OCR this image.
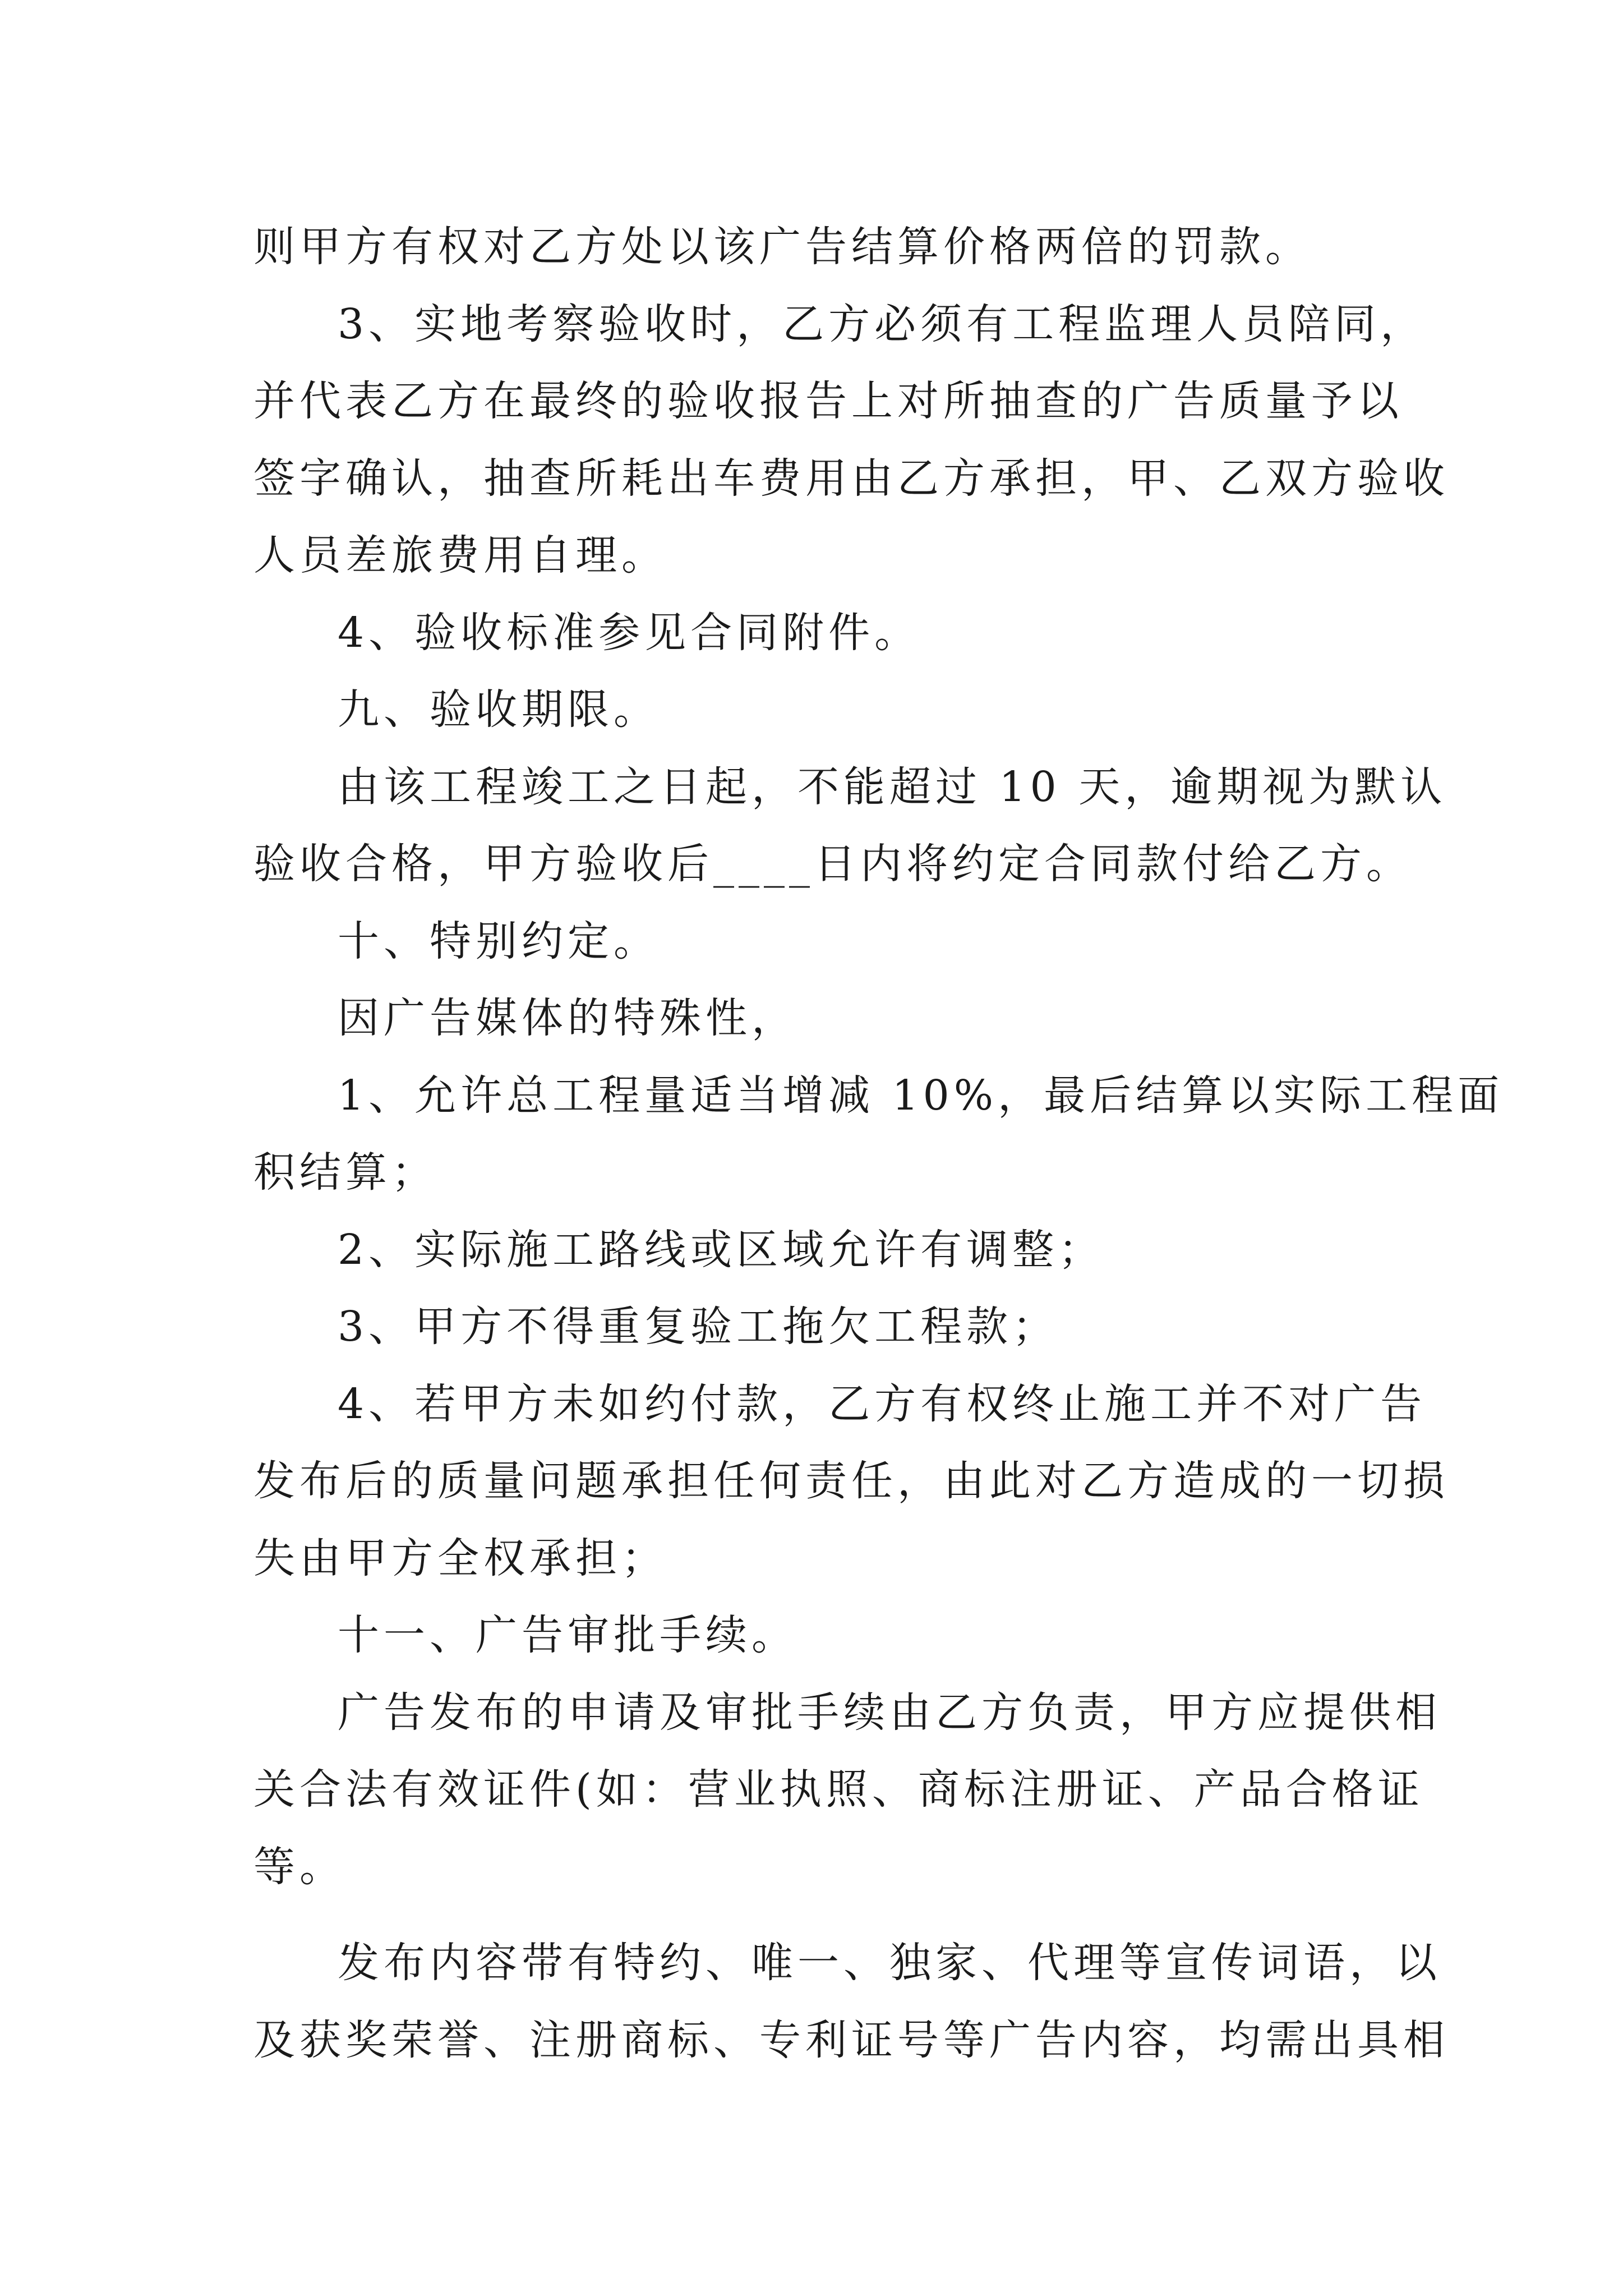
则甲方有权对乙方处以该广告结算价格两倍的罚款。
3、实地考察验收时，乙方必须有工程监理人员陪同，
并代表乙方在最终的验收报告上对所抽查的广告质量予以
签字确认，抽查所耗出车费用由乙方承担，甲、乙双方验收
人员差旅费用自理。
4、验收标准参见合同附件。
九、验收期限。
由该工程竣工之日起，不能超过 10 天，逾期视为默认
验收合格，甲方验收后____日内将约定合同款付给乙方。
十、特别约定。
因广告媒体的特殊性，
1、允许总工程量适当增减 10%，最后结算以实际工程面
积结算；
2、实际施工路线或区域允许有调整；
3、甲方不得重复验工拖欠工程款；
4、若甲方未如约付款，乙方有权终止施工并不对广告
发布后的质量问题承担任何责任，由此对乙方造成的一切损
失由甲方全权承担；
十一、广告审批手续。
广告发布的申请及审批手续由乙方负责，甲方应提供相
关合法有效证件(如：营业执照、商标注册证、产品合格证
等。
发布内容带有特约、唯一、独家、代理等宣传词语，以
及获奖荣誉、注册商标、专利证号等广告内容，均需出具相
